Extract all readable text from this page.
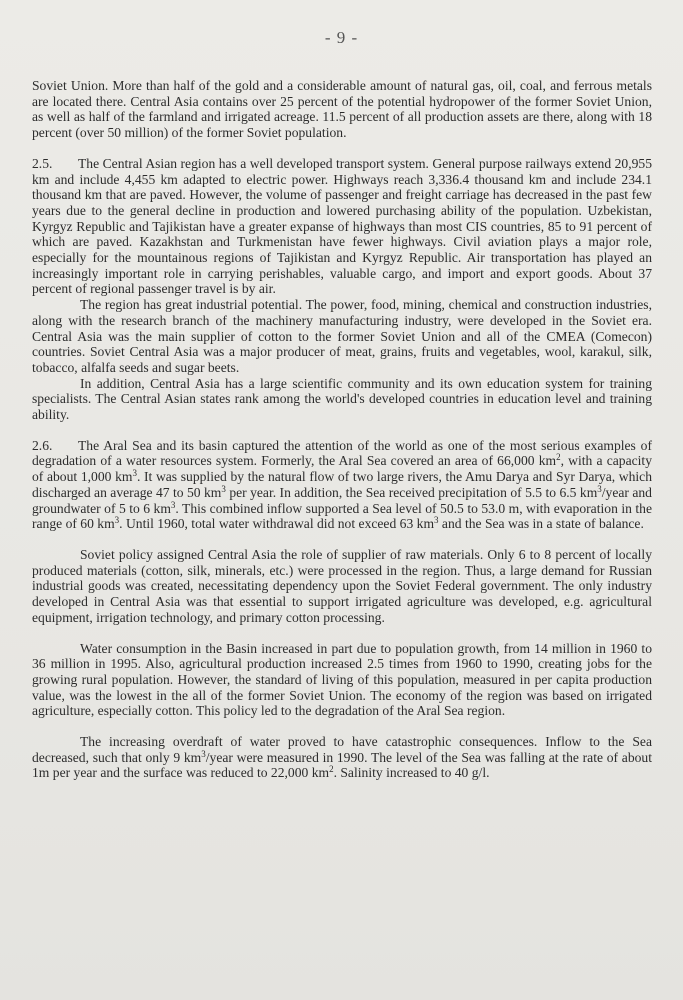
- 9 -

Soviet Union. More than half of the gold and a considerable amount of natural gas, oil, coal, and ferrous metals are located there. Central Asia contains over 25 percent of the potential hydropower of the former Soviet Union, as well as half of the farmland and irrigated acreage. 11.5 percent of all production assets are there, along with 18 percent (over 50 million) of the former Soviet population.

2.5. The Central Asian region has a well developed transport system. General purpose railways extend 20,955 km and include 4,455 km adapted to electric power. Highways reach 3,336.4 thousand km and include 234.1 thousand km that are paved. However, the volume of passenger and freight carriage has decreased in the past few years due to the general decline in production and lowered purchasing ability of the population. Uzbekistan, Kyrgyz Republic and Tajikistan have a greater expanse of highways than most CIS countries, 85 to 91 percent of which are paved. Kazakhstan and Turkmenistan have fewer highways. Civil aviation plays a major role, especially for the mountainous regions of Tajikistan and Kyrgyz Republic. Air transportation has played an increasingly important role in carrying perishables, valuable cargo, and import and export goods. About 37 percent of regional passenger travel is by air.

The region has great industrial potential. The power, food, mining, chemical and construction industries, along with the research branch of the machinery manufacturing industry, were developed in the Soviet era. Central Asia was the main supplier of cotton to the former Soviet Union and all of the CMEA (Comecon) countries. Soviet Central Asia was a major producer of meat, grains, fruits and vegetables, wool, karakul, silk, tobacco, alfalfa seeds and sugar beets.

In addition, Central Asia has a large scientific community and its own education system for training specialists. The Central Asian states rank among the world's developed countries in education level and training ability.

2.6. The Aral Sea and its basin captured the attention of the world as one of the most serious examples of degradation of a water resources system. Formerly, the Aral Sea covered an area of 66,000 $km^2$, with a capacity of about 1,000 $km^3$. It was supplied by the natural flow of two large rivers, the Amu Darya and Syr Darya, which discharged an average 47 to 50 $km^3$ per year. In addition, the Sea received precipitation of 5.5 to 6.5 $km^3$/year and groundwater of 5 to 6 $km^3$. This combined inflow supported a Sea level of 50.5 to 53.0 m, with evaporation in the range of 60 $km^3$. Until 1960, total water withdrawal did not exceed 63 $km^3$ and the Sea was in a state of balance.

Soviet policy assigned Central Asia the role of supplier of raw materials. Only 6 to 8 percent of locally produced materials (cotton, silk, minerals, etc.) were processed in the region. Thus, a large demand for Russian industrial goods was created, necessitating dependency upon the Soviet Federal government. The only industry developed in Central Asia was that essential to support irrigated agriculture was developed, e.g. agricultural equipment, irrigation technology, and primary cotton processing.

Water consumption in the Basin increased in part due to population growth, from 14 million in 1960 to 36 million in 1995. Also, agricultural production increased 2.5 times from 1960 to 1990, creating jobs for the growing rural population. However, the standard of living of this population, measured in per capita production value, was the lowest in the all of the former Soviet Union. The economy of the region was based on irrigated agriculture, especially cotton. This policy led to the degradation of the Aral Sea region.

The increasing overdraft of water proved to have catastrophic consequences. Inflow to the Sea decreased, such that only 9 $km^3$/year were measured in 1990. The level of the Sea was falling at the rate of about 1m per year and the surface was reduced to 22,000 $km^2$. Salinity increased to 40 g/l.
